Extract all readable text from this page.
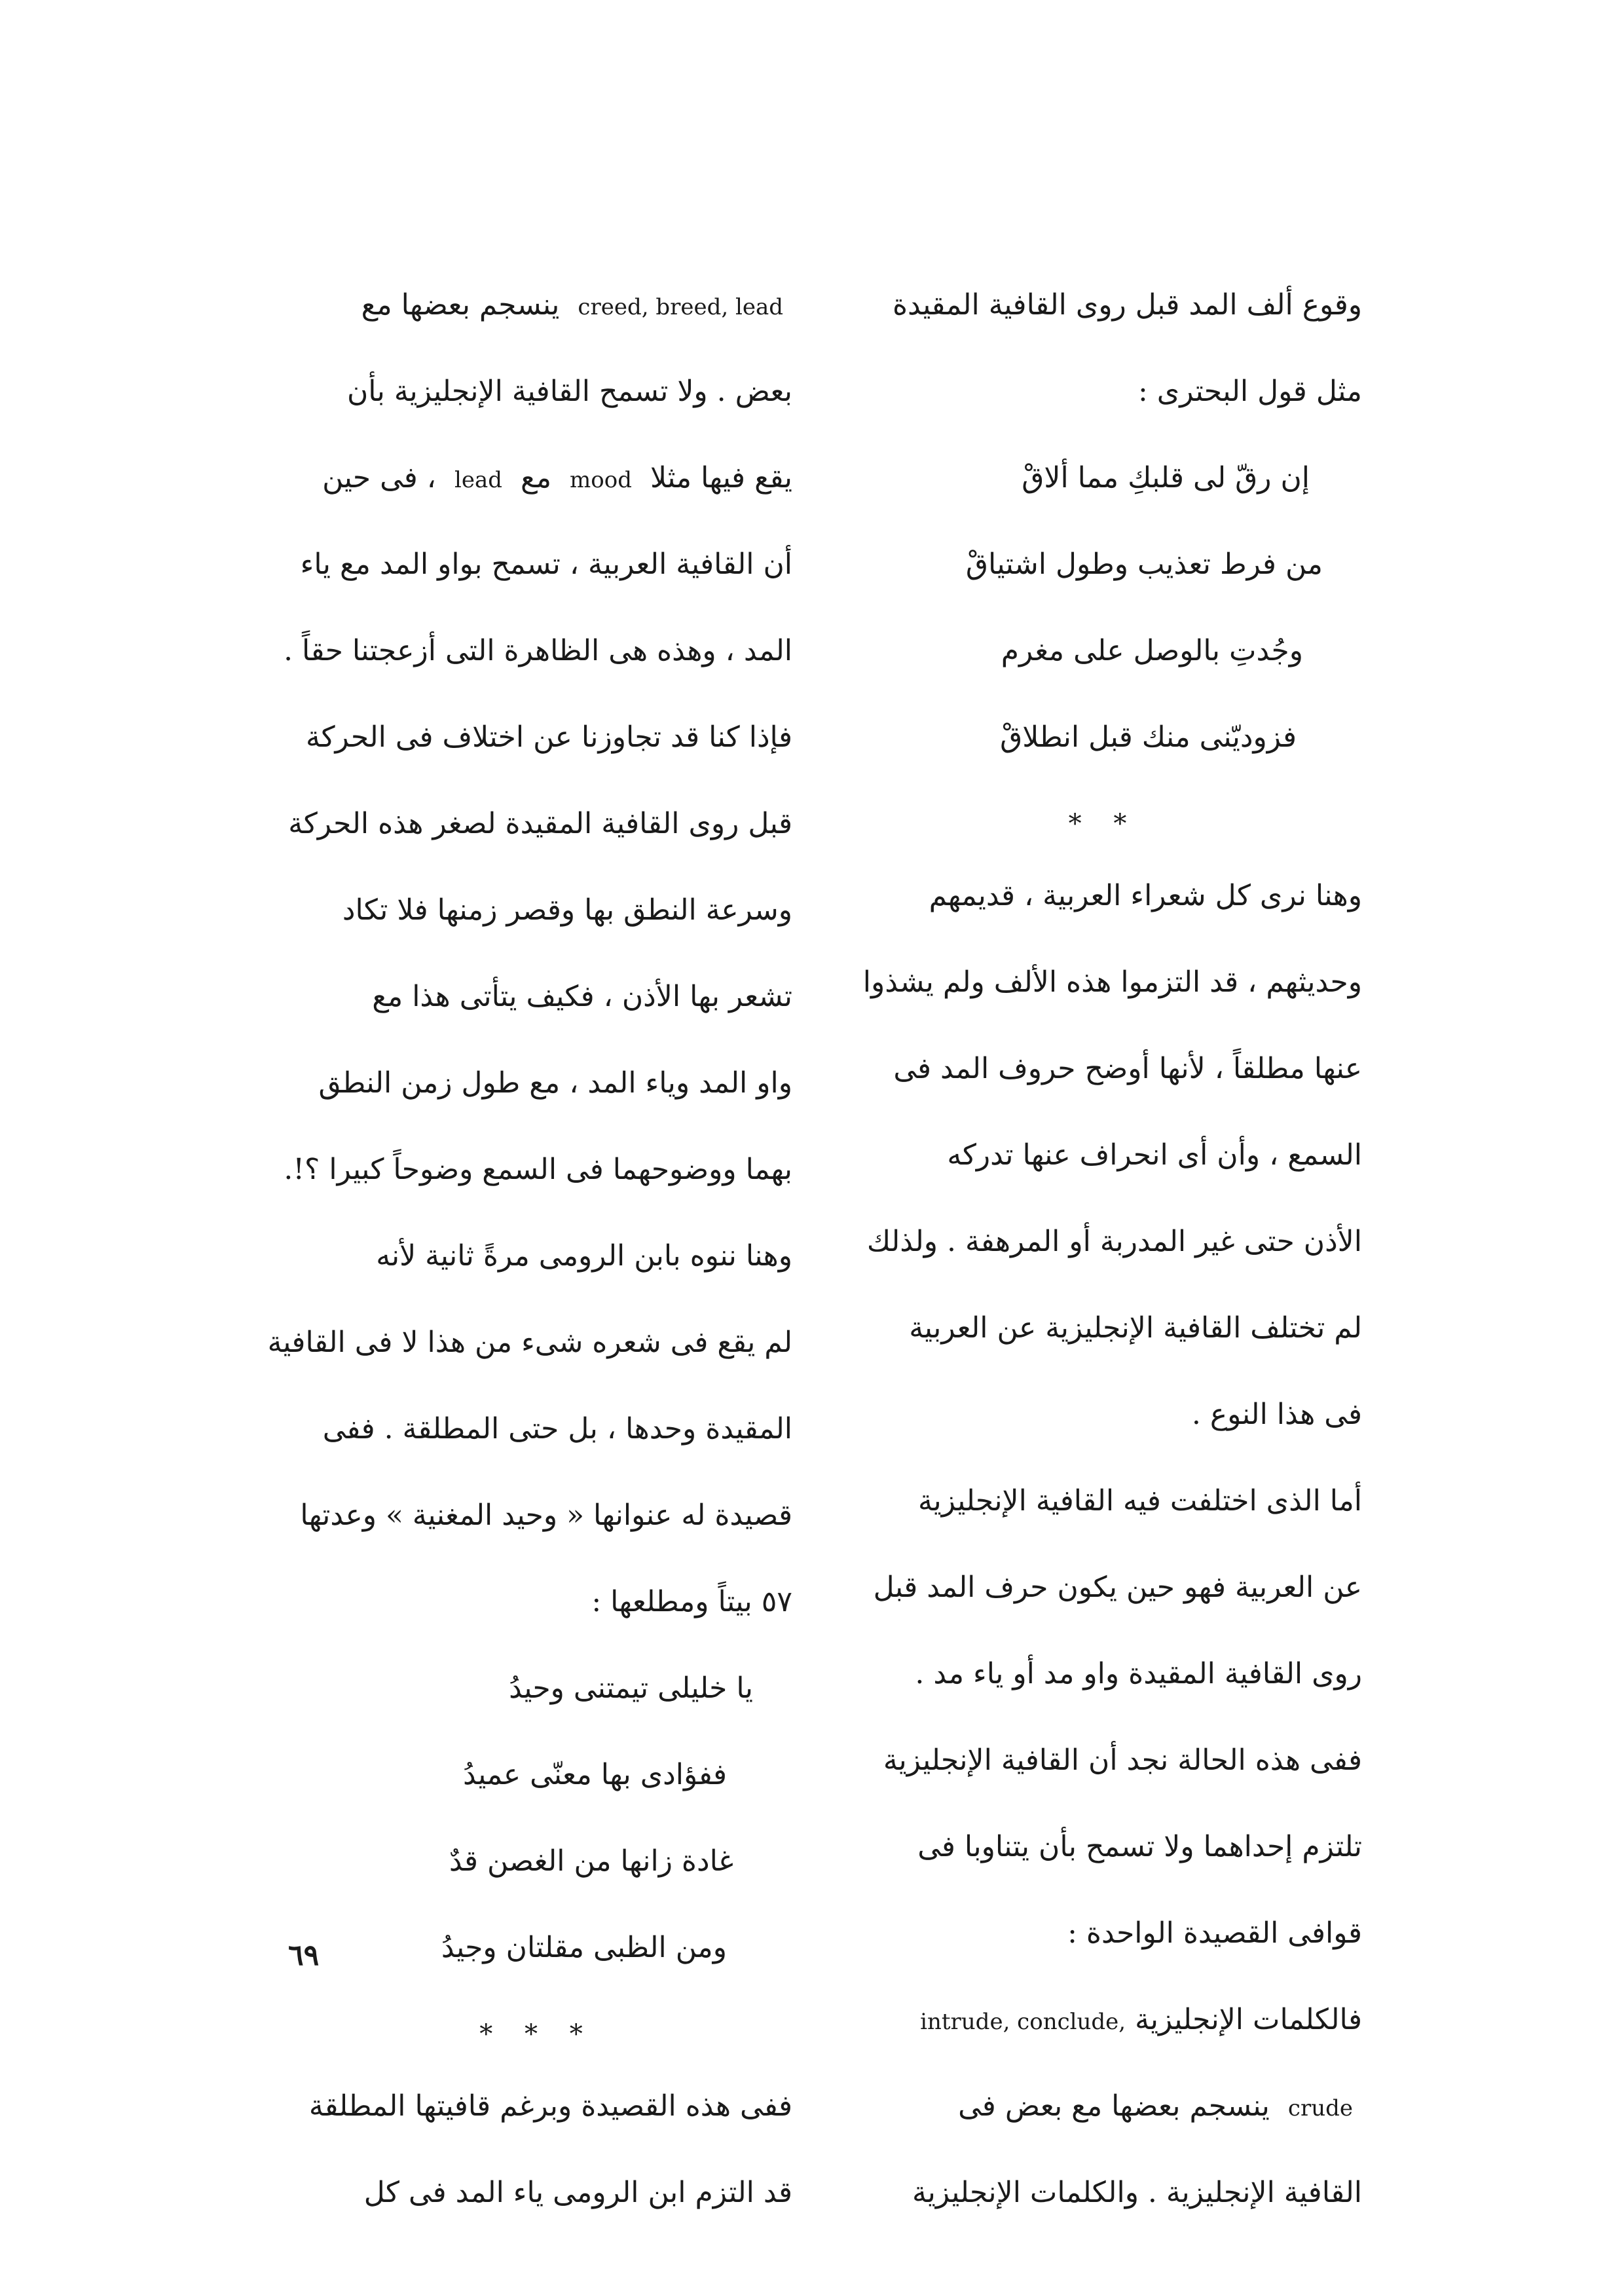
وقوع ألف المد قبل روى القافية المقيدة
مثل قول البحترى :
إن رقّ لى قلبكِ مما ألاقْ
من فرط تعذيب وطول اشتياقْ
وجُدتِ بالوصل على مغرم
فزوديّنى منك قبل انطلاقْ
* *
وهنا نرى كل شعراء العربية ، قديمهم
وحديثهم ، قد التزموا هذه الألف ولم يشذوا
عنها مطلقاً ، لأنها أوضح حروف المد فى
السمع ، وأن أى انحراف عنها تدركه
الأذن حتى غير المدربة أو المرهفة . ولذلك
لم تختلف القافية الإنجليزية عن العربية
فى هذا النوع .
أما الذى اختلفت فيه القافية الإنجليزية
عن العربية فهو حين يكون حرف المد قبل
روى القافية المقيدة واو مد أو ياء مد .
ففى هذه الحالة نجد أن القافية الإنجليزية
تلتزم إحداهما ولا تسمح بأن يتناوبا فى
قوافى القصيدة الواحدة :
فالكلمات الإنجليزيةintrude, conclude,
crude ينسجم بعضها مع بعض فى
القافية الإنجليزية . والكلمات الإنجليزية
creed, breed, lead ينسجم بعضها مع
بعض . ولا تسمح القافية الإنجليزية بأن
يقع فيها مثلا mood مع lead ، فى حين
أن القافية العربية ، تسمح بواو المد مع ياء
المد ، وهذه هى الظاهرة التى أزعجتنا حقاً .
فإذا كنا قد تجاوزنا عن اختلاف فى الحركة
قبل روى القافية المقيدة لصغر هذه الحركة
وسرعة النطق بها وقصر زمنها فلا تكاد
تشعر بها الأذن ، فكيف يتأتى هذا مع
واو المد وياء المد ، مع طول زمن النطق
بهما ووضوحهما فى السمع وضوحاً كبيرا ؟!.
وهنا ننوه بابن الرومى مرةً ثانية لأنه
لم يقع فى شعره شىء من هذا لا فى القافية
المقيدة وحدها ، بل حتى المطلقة . ففى
قصيدة له عنوانها « وحيد المغنية » وعدتها
٥٧ بيتاً ومطلعها :
يا خليلى تيمتنى وحيدُ
ففؤادى بها معنّى عميدُ
غادة زانها من الغصن قدٌ
ومن الظبى مقلتان وجيدُ
* * *
ففى هذه القصيدة وبرغم قافيتها المطلقة
قد التزم ابن الرومى ياء المد فى كل
٦٩
